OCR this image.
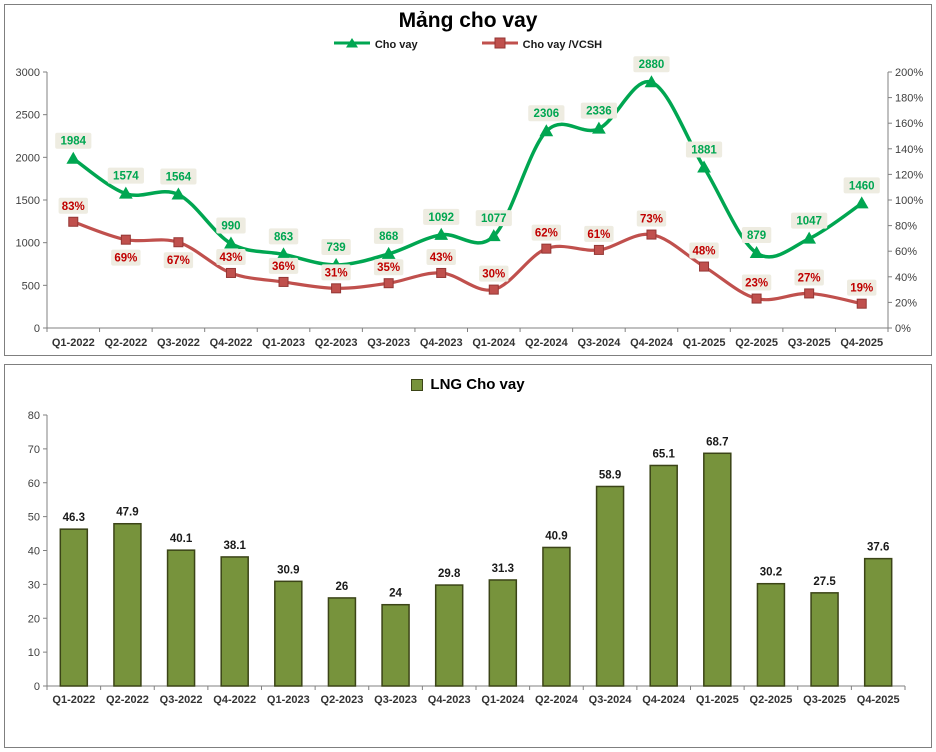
Mảng cho vay
Cho vay	Cho vay /VCSH
0
500
1000
1500
2000
2500
3000
0%
20%
40%
60%
80%
100%
120%
140%
160%
180%
200%
Q1-2022 Q2-2022 Q3-2022 Q4-2022 Q1-2023 Q2-2023 Q3-2023 Q4-2023 Q1-2024 Q2-2024 Q3-2024 Q4-2024 Q1-2025 Q2-2025 Q3-2025 Q4-2025
1984
1574 1564
990
863
739
868
1092 1077
2306 2336
2880
1881
879
1047
1460
83%
69%	67%	43%
36%
31%	35%
43%
30%
62%	61%
73%
48%
23%	27%
19%
LNG Cho vay
0
10
20
30
40
50
60
70
80
Q1-2022 Q2-2022 Q3-2022 Q4-2022 Q1-2023 Q2-2023 Q3-2023 Q4-2023 Q1-2024 Q2-2024 Q3-2024 Q4-2024 Q1-2025 Q2-2025 Q3-2025 Q4-2025
46.3	47.9
40.1
38.1
30.9
26
24
29.8	31.3
40.9
58.9
65.1
68.7
30.2
27.5
37.6
